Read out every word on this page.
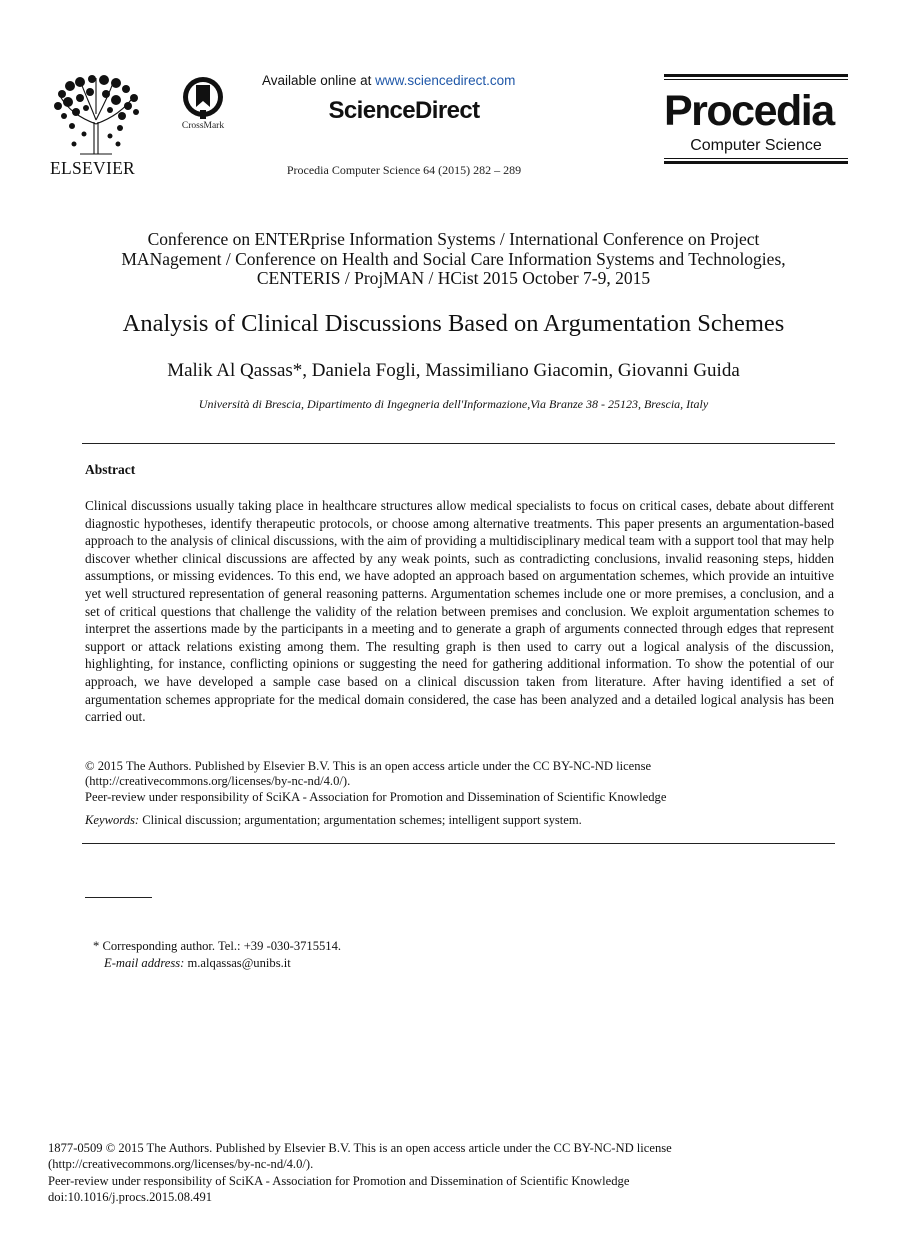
ELSEVIER
CrossMark
Available online at www.sciencedirect.com
ScienceDirect
Procedia Computer Science 64 (2015) 282 – 289
Procedia
Computer Science
Conference on ENTERprise Information Systems / International Conference on Project
MANagement / Conference on Health and Social Care Information Systems and Technologies,
CENTERIS / ProjMAN / HCist 2015 October 7-9, 2015
Analysis of Clinical Discussions Based on Argumentation Schemes
Malik Al Qassas*, Daniela Fogli, Massimiliano Giacomin, Giovanni Guida
Università di Brescia, Dipartimento di Ingegneria dell'Informazione,Via Branze 38 - 25123, Brescia, Italy
Abstract
Clinical discussions usually taking place in healthcare structures allow medical specialists to focus on critical cases, debate about different diagnostic hypotheses, identify therapeutic protocols, or choose among alternative treatments. This paper presents an argumentation-based approach to the analysis of clinical discussions, with the aim of providing a multidisciplinary medical team with a support tool that may help discover whether clinical discussions are affected by any weak points, such as contradicting conclusions, invalid reasoning steps, hidden assumptions, or missing evidences. To this end, we have adopted an approach based on argumentation schemes, which provide an intuitive yet well structured representation of general reasoning patterns. Argumentation schemes include one or more premises, a conclusion, and a set of critical questions that challenge the validity of the relation between premises and conclusion. We exploit argumentation schemes to interpret the assertions made by the participants in a meeting and to generate a graph of arguments connected through edges that represent support or attack relations existing among them. The resulting graph is then used to carry out a logical analysis of the discussion, highlighting, for instance, conflicting opinions or suggesting the need for gathering additional information. To show the potential of our approach, we have developed a sample case based on a clinical discussion taken from literature. After having identified a set of argumentation schemes appropriate for the medical domain considered, the case has been analyzed and a detailed logical analysis has been carried out.
© 2015 The Authors. Published by Elsevier B.V. This is an open access article under the CC BY-NC-ND license
(http://creativecommons.org/licenses/by-nc-nd/4.0/).
Peer-review under responsibility of SciKA - Association for Promotion and Dissemination of Scientific Knowledge
Keywords: Clinical discussion; argumentation; argumentation schemes; intelligent support system.
* Corresponding author. Tel.: +39 -030-3715514.
E-mail address: m.alqassas@unibs.it
1877-0509 © 2015 The Authors. Published by Elsevier B.V. This is an open access article under the CC BY-NC-ND license
(http://creativecommons.org/licenses/by-nc-nd/4.0/).
Peer-review under responsibility of SciKA - Association for Promotion and Dissemination of Scientific Knowledge
doi:10.1016/j.procs.2015.08.491
